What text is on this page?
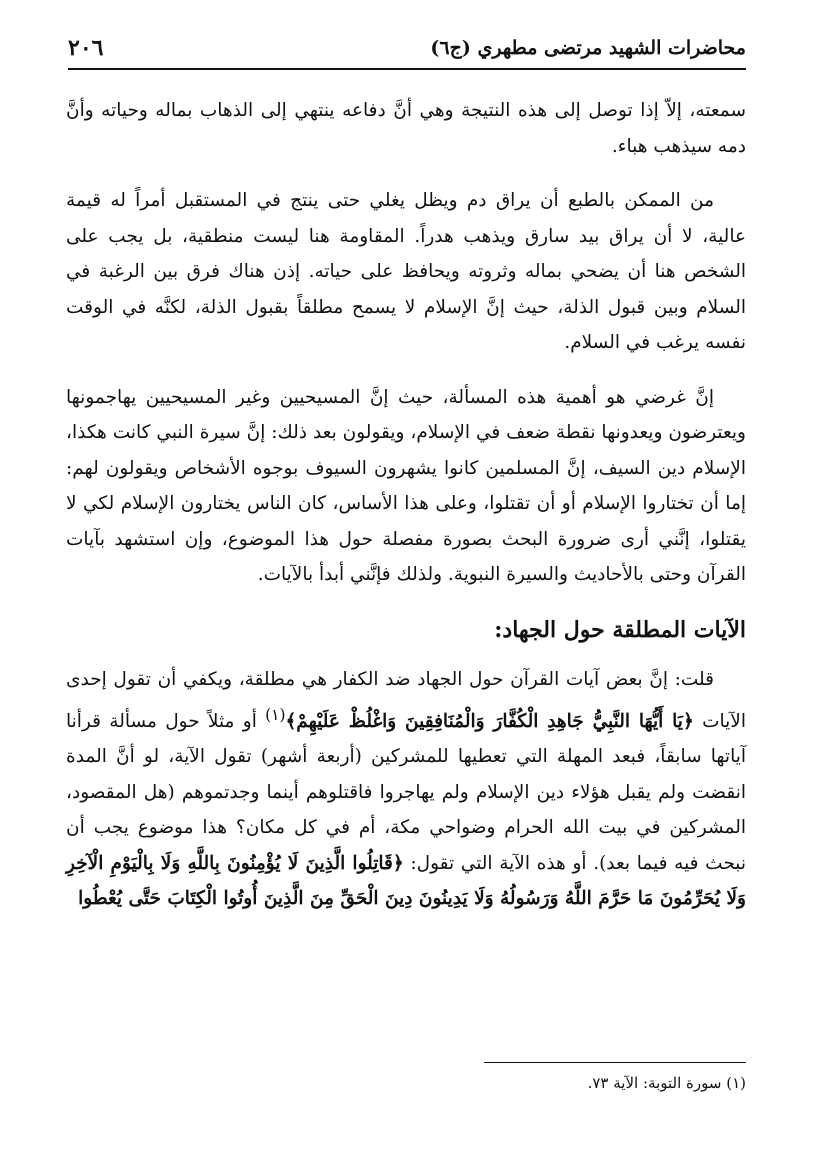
محاضرات الشهيد مرتضى مطهري (ج٦)
٢٠٦

سمعته، إلاّ إذا توصل إلى هذه النتيجة وهي أنَّ دفاعه ينتهي إلى الذهاب بماله وحياته وأنَّ دمه سيذهب هباء.

من الممكن بالطبع أن يراق دم ويظل يغلي حتى ينتج في المستقبل أمراً له قيمة عالية، لا أن يراق بيد سارق ويذهب هدراً. المقاومة هنا ليست منطقية، بل يجب على الشخص هنا أن يضحي بماله وثروته ويحافظ على حياته. إذن هناك فرق بين الرغبة في السلام وبين قبول الذلة، حيث إنَّ الإسلام لا يسمح مطلقاً بقبول الذلة، لكنَّه في الوقت نفسه يرغب في السلام.

إنَّ غرضي هو أهمية هذه المسألة، حيث إنَّ المسيحيين وغير المسيحيين يهاجمونها ويعترضون ويعدونها نقطة ضعف في الإسلام، ويقولون بعد ذلك: إنَّ سيرة النبي كانت هكذا، الإسلام دين السيف، إنَّ المسلمين كانوا يشهرون السيوف بوجوه الأشخاص ويقولون لهم: إما أن تختاروا الإسلام أو أن تقتلوا، وعلى هذا الأساس، كان الناس يختارون الإسلام لكي لا يقتلوا، إنَّني أرى ضرورة البحث بصورة مفصلة حول هذا الموضوع، وإن استشهد بآيات القرآن وحتى بالأحاديث والسيرة النبوية. ولذلك فإنَّني أبدأ بالآيات.

الآيات المطلقة حول الجهاد:

قلت: إنَّ بعض آيات القرآن حول الجهاد ضد الكفار هي مطلقة، ويكفي أن تقول إحدى الآيات ﴿يَا أَيُّهَا النَّبِيُّ جَاهِدِ الْكُفَّارَ وَالْمُنَافِقِينَ وَاغْلُظْ عَلَيْهِمْ﴾$^{(١)}$ أو مثلاً حول مسألة قرأنا آياتها سابقاً، فبعد المهلة التي تعطيها للمشركين (أربعة أشهر) تقول الآية، لو أنَّ المدة انقضت ولم يقبل هؤلاء دين الإسلام ولم يهاجروا فاقتلوهم أينما وجدتموهم (هل المقصود، المشركين في بيت الله الحرام وضواحي مكة، أم في كل مكان؟ هذا موضوع يجب أن نبحث فيه فيما بعد). أو هذه الآية التي تقول: ﴿قَاتِلُوا الَّذِينَ لَا يُؤْمِنُونَ بِاللَّهِ وَلَا بِالْيَوْمِ الْآخِرِ وَلَا يُحَرِّمُونَ مَا حَرَّمَ اللَّهُ وَرَسُولُهُ وَلَا يَدِينُونَ دِينَ الْحَقِّ مِنَ الَّذِينَ أُوتُوا الْكِتَابَ حَتَّى يُعْطُوا

(١) سورة التوبة: الآية ٧٣.
